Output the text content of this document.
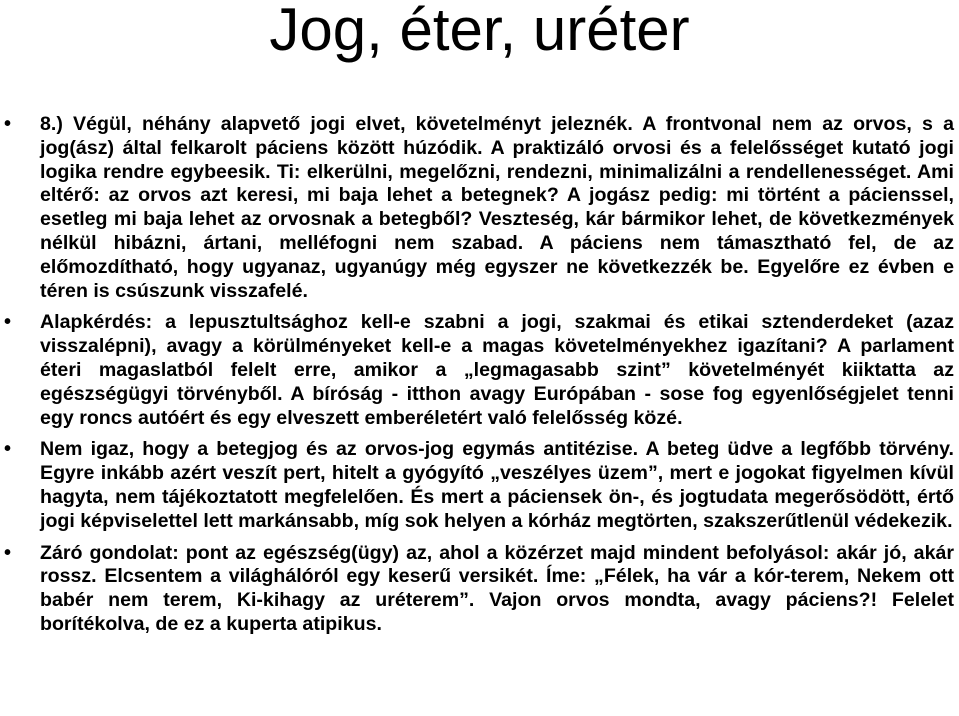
Jog, éter, uréter
• 8.) Végül, néhány alapvető jogi elvet, követelményt jeleznék. A frontvonal nem az orvos, s a jog(ász) által felkarolt páciens között húzódik. A praktizáló orvosi és a felelősséget kutató jogi logika rendre egybeesik. Ti: elkerülni, megelőzni, rendezni, minimalizálni a rendellenességet. Ami eltérő: az orvos azt keresi, mi baja lehet a betegnek? A jogász pedig: mi történt a pácienssel, esetleg mi baja lehet az orvosnak a betegből? Veszteség, kár bármikor lehet, de következmények nélkül hibázni, ártani, melléfogni nem szabad. A páciens nem támasztható fel, de az előmozdítható, hogy ugyanaz, ugyanúgy még egyszer ne következzék be. Egyelőre ez évben e téren is csúszunk visszafelé.
• Alapkérdés: a lepusztultsághoz kell-e szabni a jogi, szakmai és etikai sztenderdeket (azaz visszalépni), avagy a körülményeket kell-e a magas követelményekhez igazítani? A parlament éteri magaslatból felelt erre, amikor a „legmagasabb szint” követelményét kiiktatta az egészségügyi törvényből. A bíróság - itthon avagy Európában - sose fog egyenlőségjelet tenni egy roncs autóért és egy elveszett emberéletért való felelősség közé.
• Nem igaz, hogy a betegjog és az orvos-jog egymás antitézise. A beteg üdve a legfőbb törvény. Egyre inkább azért veszít pert, hitelt a gyógyító „veszélyes üzem”, mert e jogokat figyelmen kívül hagyta, nem tájékoztatott megfelelően. És mert a páciensek ön-, és jogtudata megerősödött, értő jogi képviselettel lett markánsabb, míg sok helyen a kórház megtörten, szakszerűtlenül védekezik.
• Záró gondolat: pont az egészség(ügy) az, ahol a közérzet majd mindent befolyásol: akár jó, akár rossz. Elcsentem a világhálóról egy keserű versikét. Íme: „Félek, ha vár a kór-terem, Nekem ott babér nem terem, Ki-kihagy az uréterem”. Vajon orvos mondta, avagy páciens?! Felelet borítékolva, de ez a kuperta atipikus.
